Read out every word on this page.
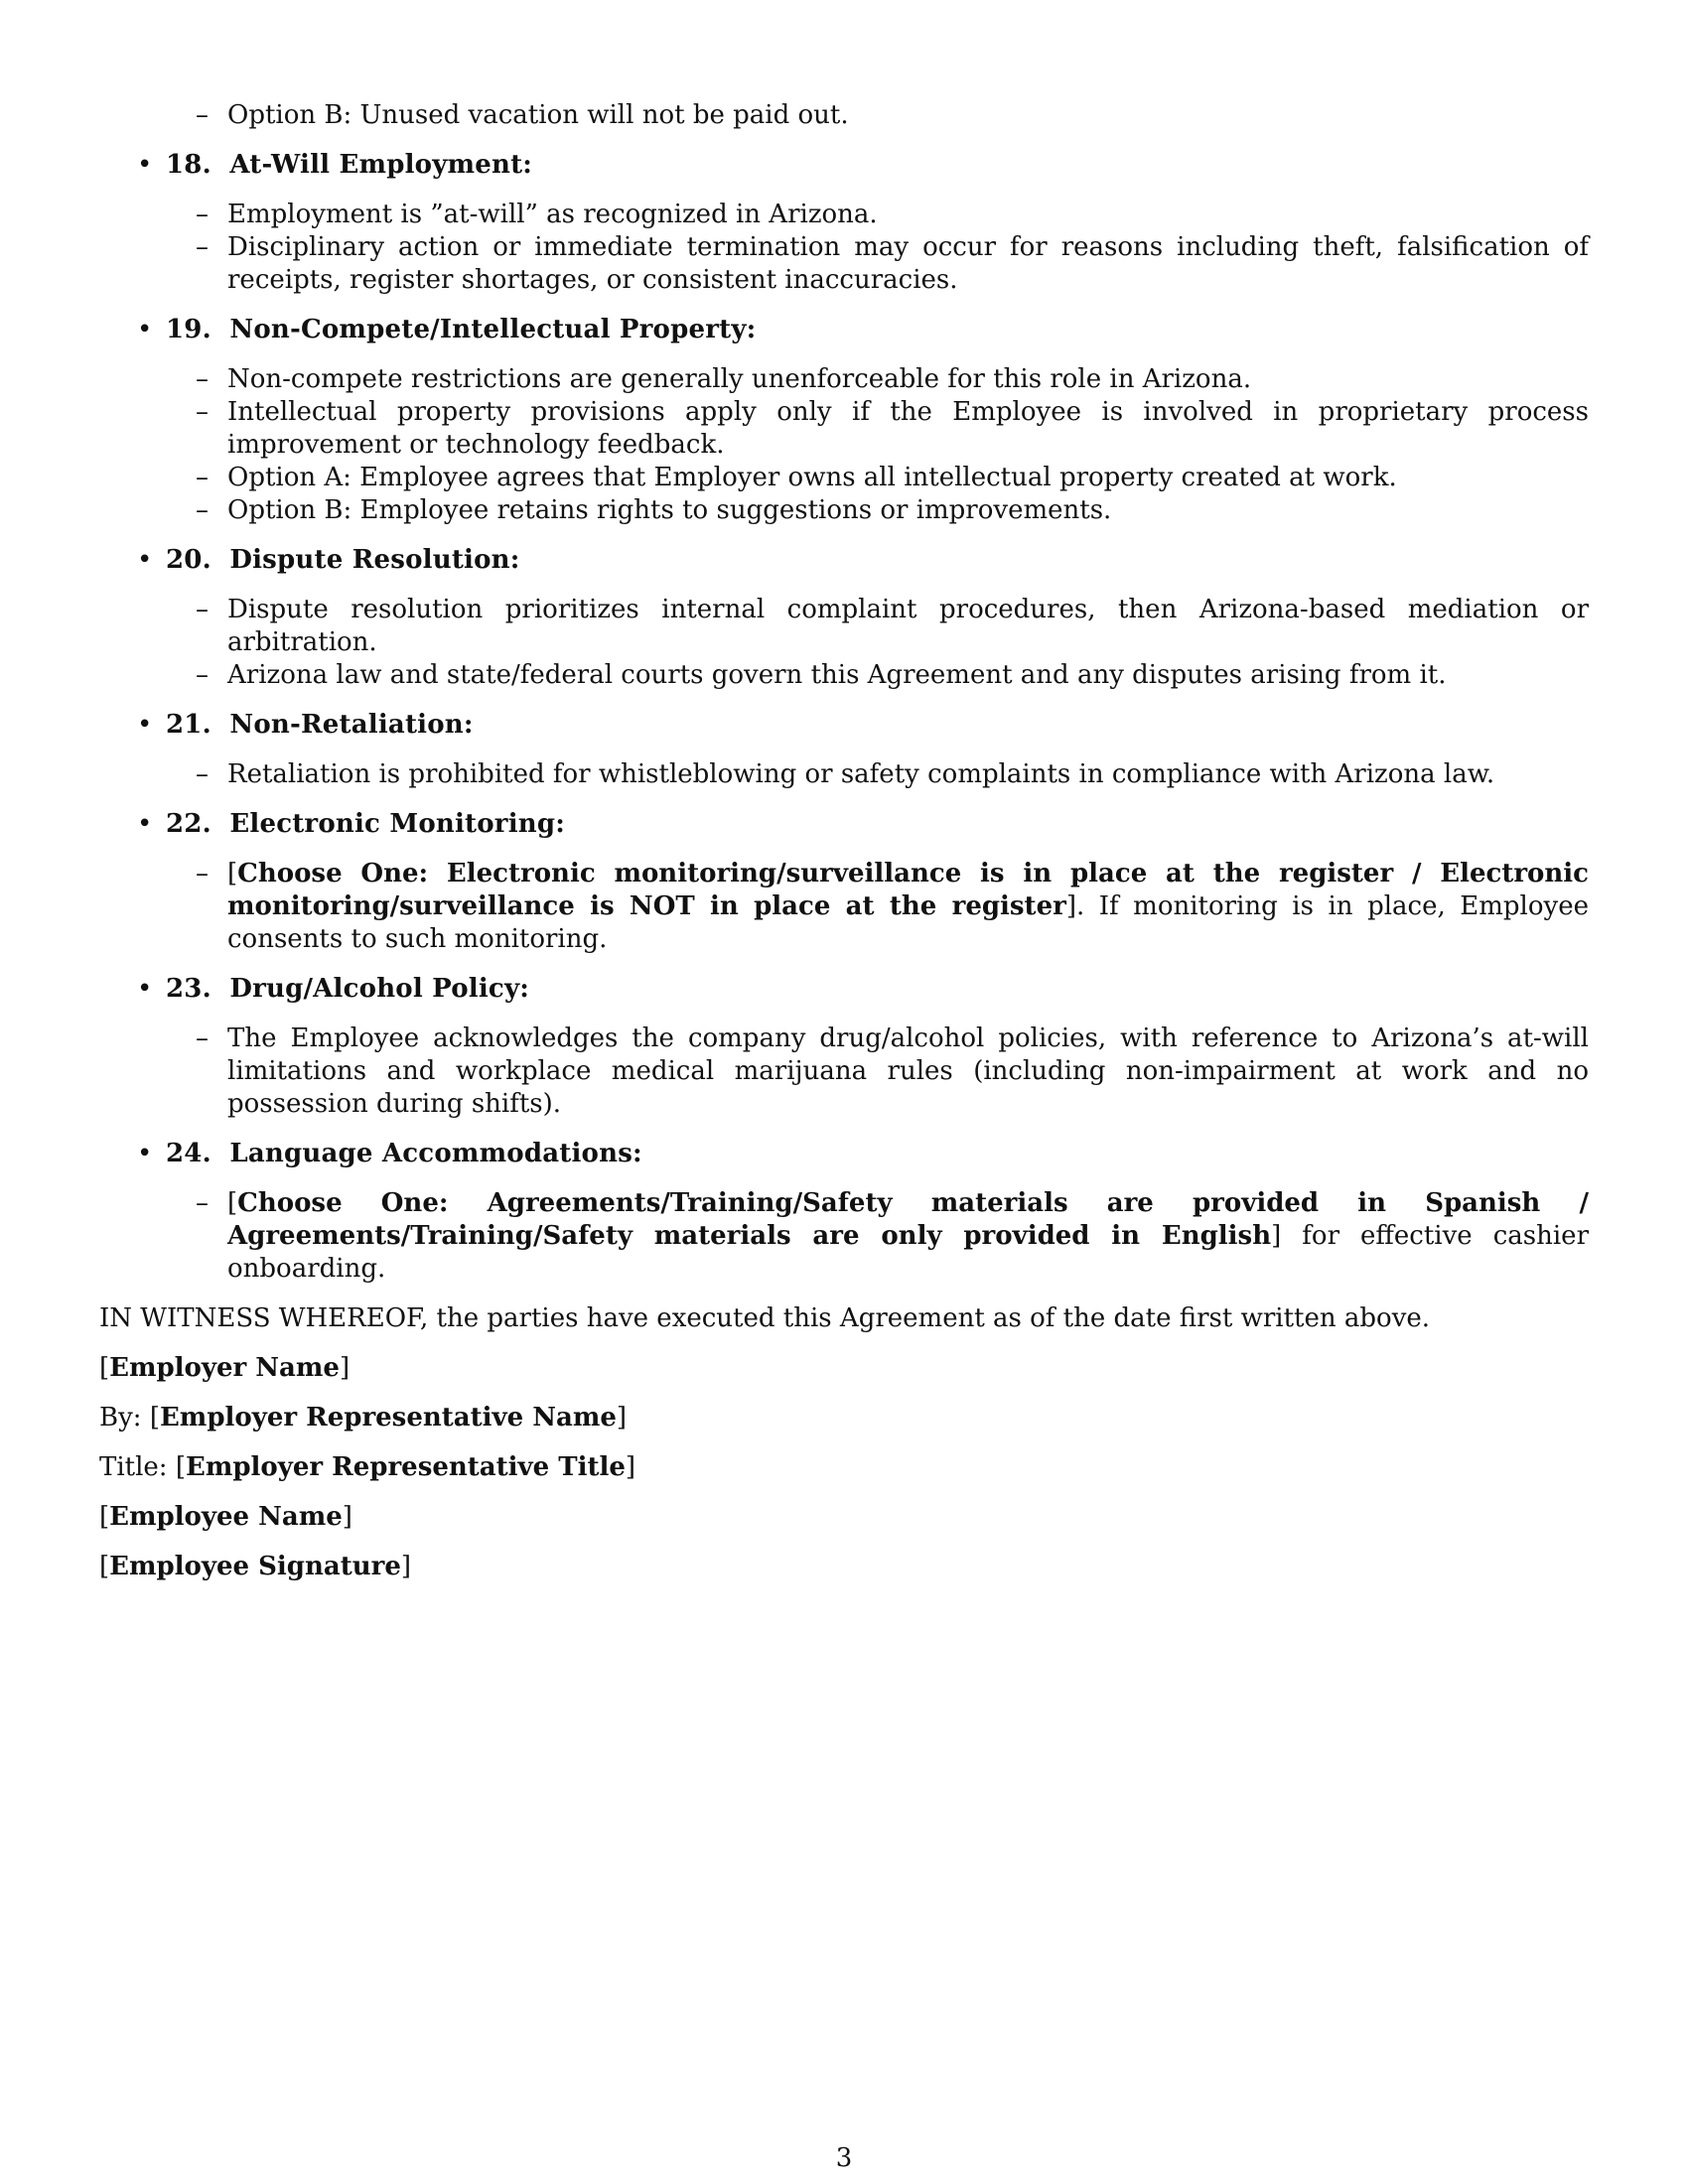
– Option B: Unused vacation will not be paid out.
• 18. At-Will Employment:
– Employment is ”at-will” as recognized in Arizona.
– Disciplinary action or immediate termination may occur for reasons including theft, falsification of receipts, register shortages, or consistent inaccuracies.
• 19. Non-Compete/Intellectual Property:
– Non-compete restrictions are generally unenforceable for this role in Arizona.
– Intellectual property provisions apply only if the Employee is involved in proprietary process improvement or technology feedback.
– Option A: Employee agrees that Employer owns all intellectual property created at work.
– Option B: Employee retains rights to suggestions or improvements.
• 20. Dispute Resolution:
– Dispute resolution prioritizes internal complaint procedures, then Arizona-based mediation or arbitration.
– Arizona law and state/federal courts govern this Agreement and any disputes arising from it.
• 21. Non-Retaliation:
– Retaliation is prohibited for whistleblowing or safety complaints in compliance with Arizona law.
• 22. Electronic Monitoring:
– [Choose One: Electronic monitoring/surveillance is in place at the register / Electronic monitoring/surveillance is NOT in place at the register]. If monitoring is in place, Employee consents to such monitoring.
• 23. Drug/Alcohol Policy:
– The Employee acknowledges the company drug/alcohol policies, with reference to Arizona’s at-will limitations and workplace medical marijuana rules (including non-impairment at work and no possession during shifts).
• 24. Language Accommodations:
– [Choose One: Agreements/Training/Safety materials are provided in Spanish / Agreements/Training/Safety materials are only provided in English] for effective cashier onboarding.
IN WITNESS WHEREOF, the parties have executed this Agreement as of the date first written above.
[Employer Name]
By: [Employer Representative Name]
Title: [Employer Representative Title]
[Employee Name]
[Employee Signature]
3
